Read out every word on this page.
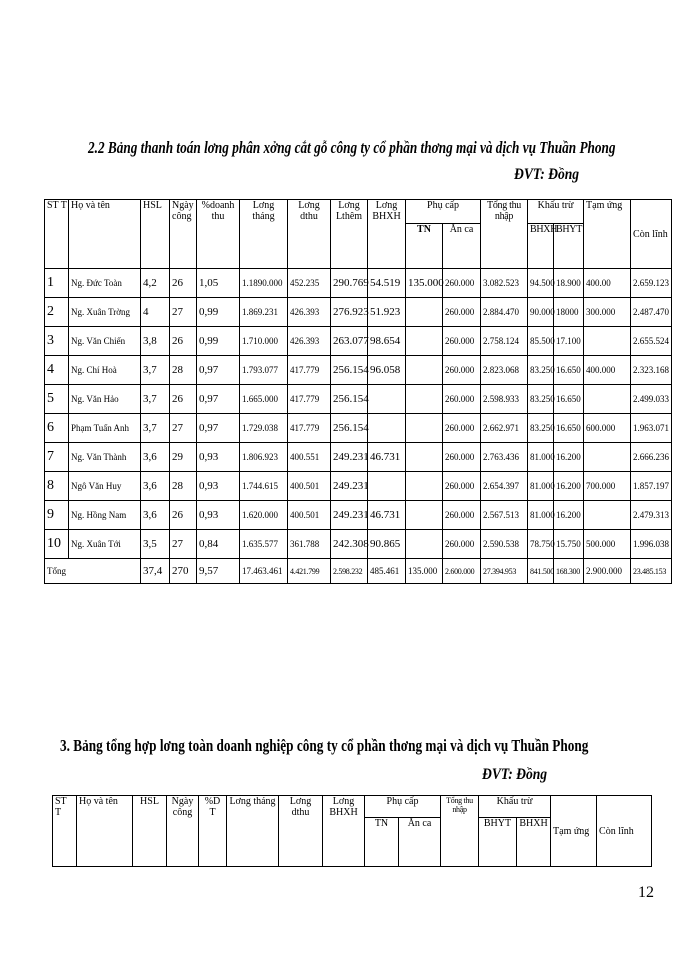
2.2 Bảng thanh toán lơng phân xởng cắt gỗ công ty cổ phần thơng mại và dịch vụ Thuần Phong
ĐVT: Đồng
ST T	Họ và tên	HSL	Ngày công	%doanh thu	Lơng tháng	Lơng dthu	Lơng Lthêm	Lơng BHXH	Phụ cấp		Tổng thu nhập	Khấu trừ		Tạm ứng	Còn lĩnh
									TN	Ăn ca		BHXH	BHYT		
1	Ng. Đức Toàn	4,2	26	1,05	1.1890.000	452.235	290.769	54.519	135.000	260.000	3.082.523	94.500	18.900	400.00	2.659.123
2	Ng. Xuân Trờng	4	27	0,99	1.869.231	426.393	276.923	51.923		260.000	2.884.470	90.000	18000	300.000	2.487.470
3	Ng. Văn Chiến	3,8	26	0,99	1.710.000	426.393	263.077	98.654		260.000	2.758.124	85.500	17.100		2.655.524
4	Ng. Chí Hoà	3,7	28	0,97	1.793.077	417.779	256.154	96.058		260.000	2.823.068	83.250	16.650	400.000	2.323.168
5	Ng. Văn Hảo	3,7	26	0,97	1.665.000	417.779	256.154			260.000	2.598.933	83.250	16.650		2.499.033
6	Phạm Tuấn Anh	3,7	27	0,97	1.729.038	417.779	256.154			260.000	2.662.971	83.250	16.650	600.000	1.963.071
7	Ng. Văn Thành	3,6	29	0,93	1.806.923	400.551	249.231	46.731		260.000	2.763.436	81.000	16.200		2.666.236
8	Ngô Văn Huy	3,6	28	0,93	1.744.615	400.501	249.231			260.000	2.654.397	81.000	16.200	700.000	1.857.197
9	Ng. Hồng Nam	3,6	26	0,93	1.620.000	400.501	249.231	46.731		260.000	2.567.513	81.000	16.200		2.479.313
10	Ng. Xuân Tới	3,5	27	0,84	1.635.577	361.788	242.308	90.865		260.000	2.590.538	78.750	15.750	500.000	1.996.038
Tổng		37,4	270	9,57	17.463.461	4.421.799	2.598.232	485.461	135.000	2.600.000	27.394.953	841.500	168.300	2.900.000	23.485.153
3. Bảng tổng hợp lơng toàn doanh nghiệp công ty cổ phần thơng mại và dịch vụ Thuần Phong
ĐVT: Đồng
ST T	Họ và tên	HSL	Ngày công	%D T	Lơng tháng	Lơng dthu	Lơng BHXH	Phụ cấp		Tổng thu nhập	Khấu trừ		Tạm ứng	Còn lĩnh
								TN	Ăn ca		BHYT	BHXH		
12
